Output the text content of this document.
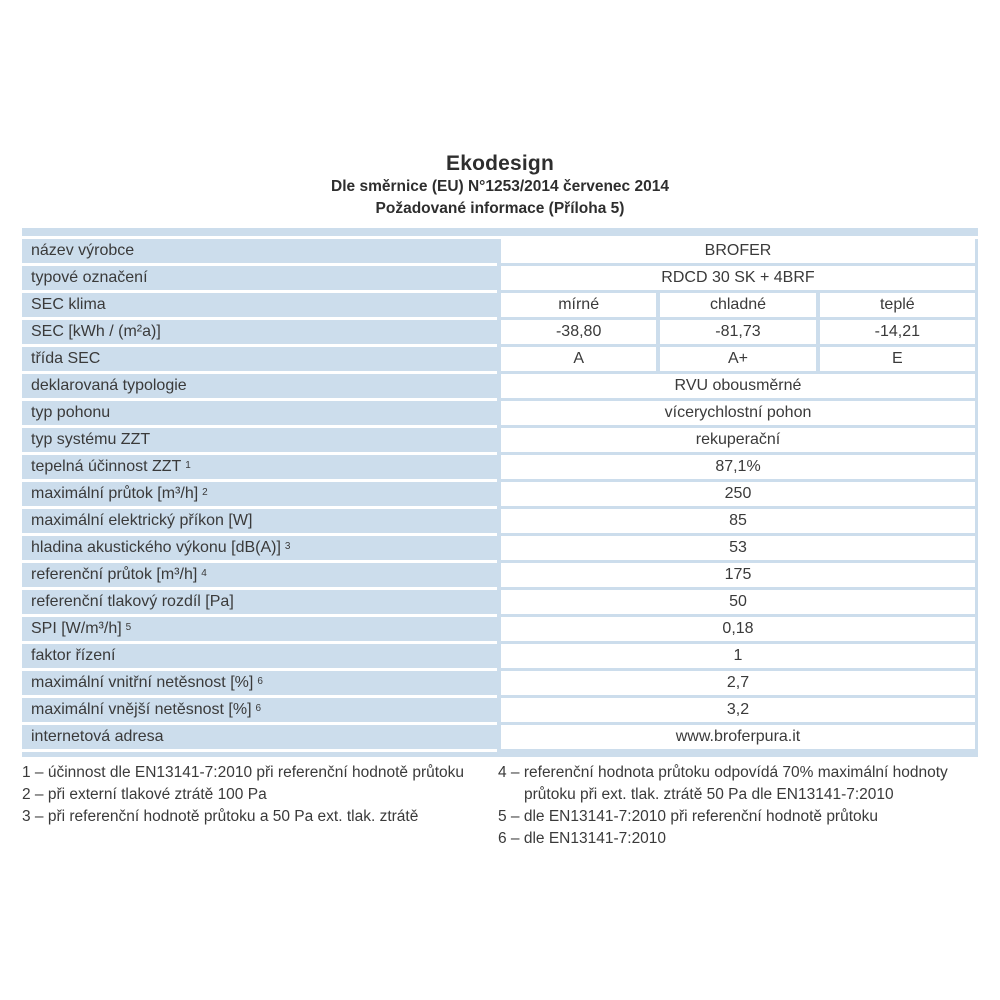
Ekodesign
Dle směrnice (EU) N°1253/2014 červenec 2014
Požadované informace (Příloha 5)
název výrobce	BROFER
typové označení	RDCD 30 SK + 4BRF
SEC klima	mírné	chladné	teplé
SEC [kWh / (m²a)]	-38,80	-81,73	-14,21
třída SEC	A	A+	E
deklarovaná typologie	RVU obousměrné
typ pohonu	vícerychlostní pohon
typ systému ZZT	rekuperační
tepelná účinnost ZZT 1	87,1%
maximální průtok [m³/h] 2	250
maximální elektrický příkon [W]	85
hladina akustického výkonu [dB(A)] 3	53
referenční průtok [m³/h] 4	175
referenční tlakový rozdíl [Pa]	50
SPI [W/m³/h] 5	0,18
faktor řízení	1
maximální vnitřní netěsnost [%] 6	2,7
maximální vnější netěsnost [%] 6	3,2
internetová adresa	www.broferpura.it
1 – účinnost dle EN13141-7:2010 při referenční hodnotě průtoku
2 – při externí tlakové ztrátě 100 Pa
3 – při referenční hodnotě průtoku a 50 Pa ext. tlak. ztrátě
4 – referenční hodnota průtoku odpovídá 70% maximální hodnoty průtoku při ext. tlak. ztrátě 50 Pa dle EN13141-7:2010
5 – dle EN13141-7:2010 při referenční hodnotě průtoku
6 – dle EN13141-7:2010
